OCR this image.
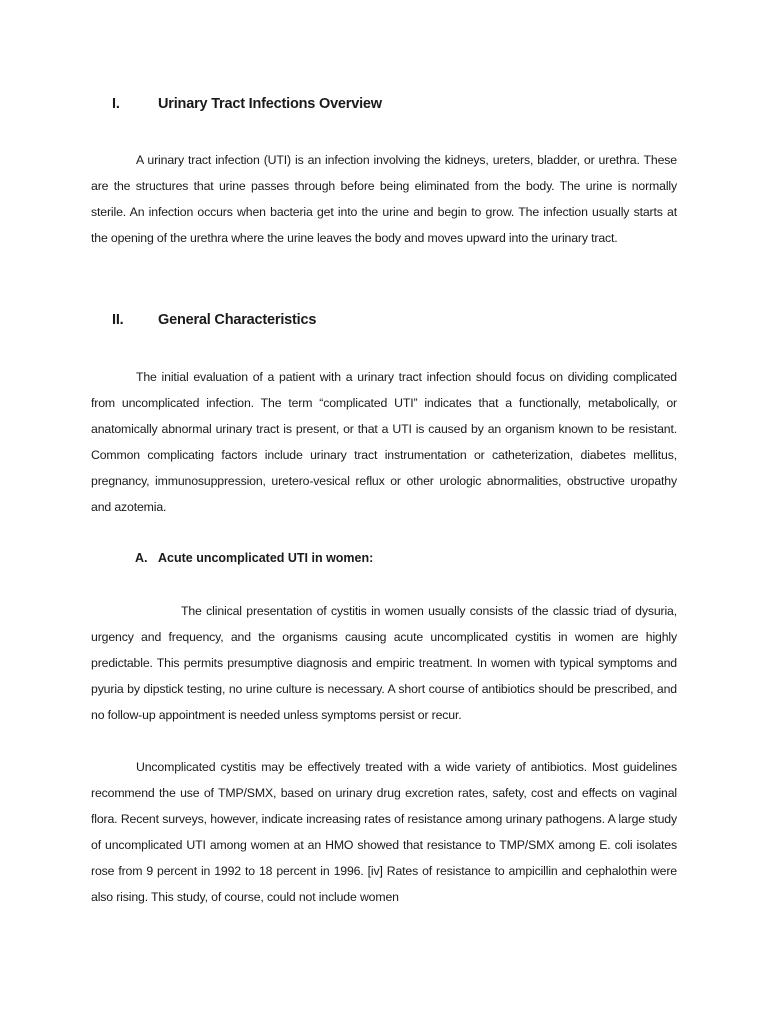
I.	Urinary Tract Infections Overview

A urinary tract infection (UTI) is an infection involving the kidneys, ureters, bladder, or urethra. These are the structures that urine passes through before being eliminated from the body. The urine is normally sterile. An infection occurs when bacteria get into the urine and begin to grow. The infection usually starts at the opening of the urethra where the urine leaves the body and moves upward into the urinary tract.

II. General Characteristics

The initial evaluation of a patient with a urinary tract infection should focus on dividing complicated from uncomplicated infection. The term “complicated UTI” indicates that a functionally, metabolically, or anatomically abnormal urinary tract is present, or that a UTI is caused by an organism known to be resistant. Common complicating factors include urinary tract instrumentation or catheterization, diabetes mellitus, pregnancy, immunosuppression, uretero-vesical reflux or other urologic abnormalities, obstructive uropathy and azotemia.

A. Acute uncomplicated UTI in women:

The clinical presentation of cystitis in women usually consists of the classic triad of dysuria, urgency and frequency, and the organisms causing acute uncomplicated cystitis in women are highly predictable. This permits presumptive diagnosis and empiric treatment. In women with typical symptoms and pyuria by dipstick testing, no urine culture is necessary. A short course of antibiotics should be prescribed, and no follow-up appointment is needed unless symptoms persist or recur.

Uncomplicated cystitis may be effectively treated with a wide variety of antibiotics. Most guidelines recommend the use of TMP/SMX, based on urinary drug excretion rates, safety, cost and effects on vaginal flora. Recent surveys, however, indicate increasing rates of resistance among urinary pathogens. A large study of uncomplicated UTI among women at an HMO showed that resistance to TMP/SMX among E. coli isolates rose from 9 percent in 1992 to 18 percent in 1996. [iv] Rates of resistance to ampicillin and cephalothin were also rising. This study, of course, could not include women
